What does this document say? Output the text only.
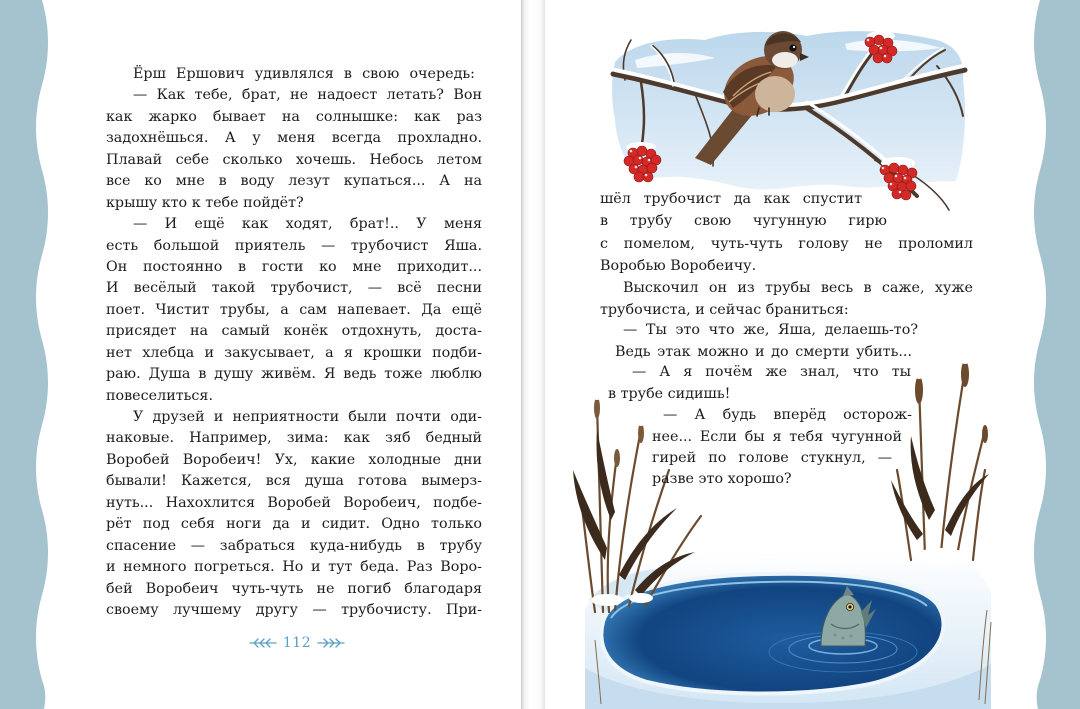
Ёрш Ершович удивлялся в свою очередь:
— Как тебе, брат, не надоест летать? Вон
как жарко бывает на солнышке: как раз
задохнёшься. А у меня всегда прохладно.
Плавай себе сколько хочешь. Небось летом
все ко мне в воду лезут купаться... А на
крышу кто к тебе пойдёт?
— И ещё как ходят, брат!.. У меня
есть большой приятель — трубочист Яша.
Он постоянно в гости ко мне приходит...
И весёлый такой трубочист, — всё песни
поет. Чистит трубы, а сам напевает. Да ещё
присядет на самый конёк отдохнуть, доста-
нет хлебца и закусывает, а я крошки подби-
раю. Душа в душу живём. Я ведь тоже люблю
повеселиться.
У друзей и неприятности были почти оди-
наковые. Например, зима: как зяб бедный
Воробей Воробеич! Ух, какие холодные дни
бывали! Кажется, вся душа готова вымерз-
нуть... Нахохлится Воробей Воробеич, подбе-
рёт под себя ноги да и сидит. Одно только
спасение — забраться куда-нибудь в трубу
и немного погреться. Но и тут беда. Раз Воро-
бей Воробеич чуть-чуть не погиб благодаря
своему лучшему другу — трубочисту. При-
112
шёл трубочист да как спустит
в трубу свою чугунную гирю
с помелом, чуть-чуть голову не проломил
Воробью Воробеичу.
Выскочил он из трубы весь в саже, хуже
трубочиста, и сейчас браниться:
— Ты это что же, Яша, делаешь-то?
Ведь этак можно и до смерти убить...
— А я почём же знал, что ты
в трубе сидишь!
— А будь вперёд осторож-
нее... Если бы я тебя чугунной
гирей по голове стукнул, —
разве это хорошо?
